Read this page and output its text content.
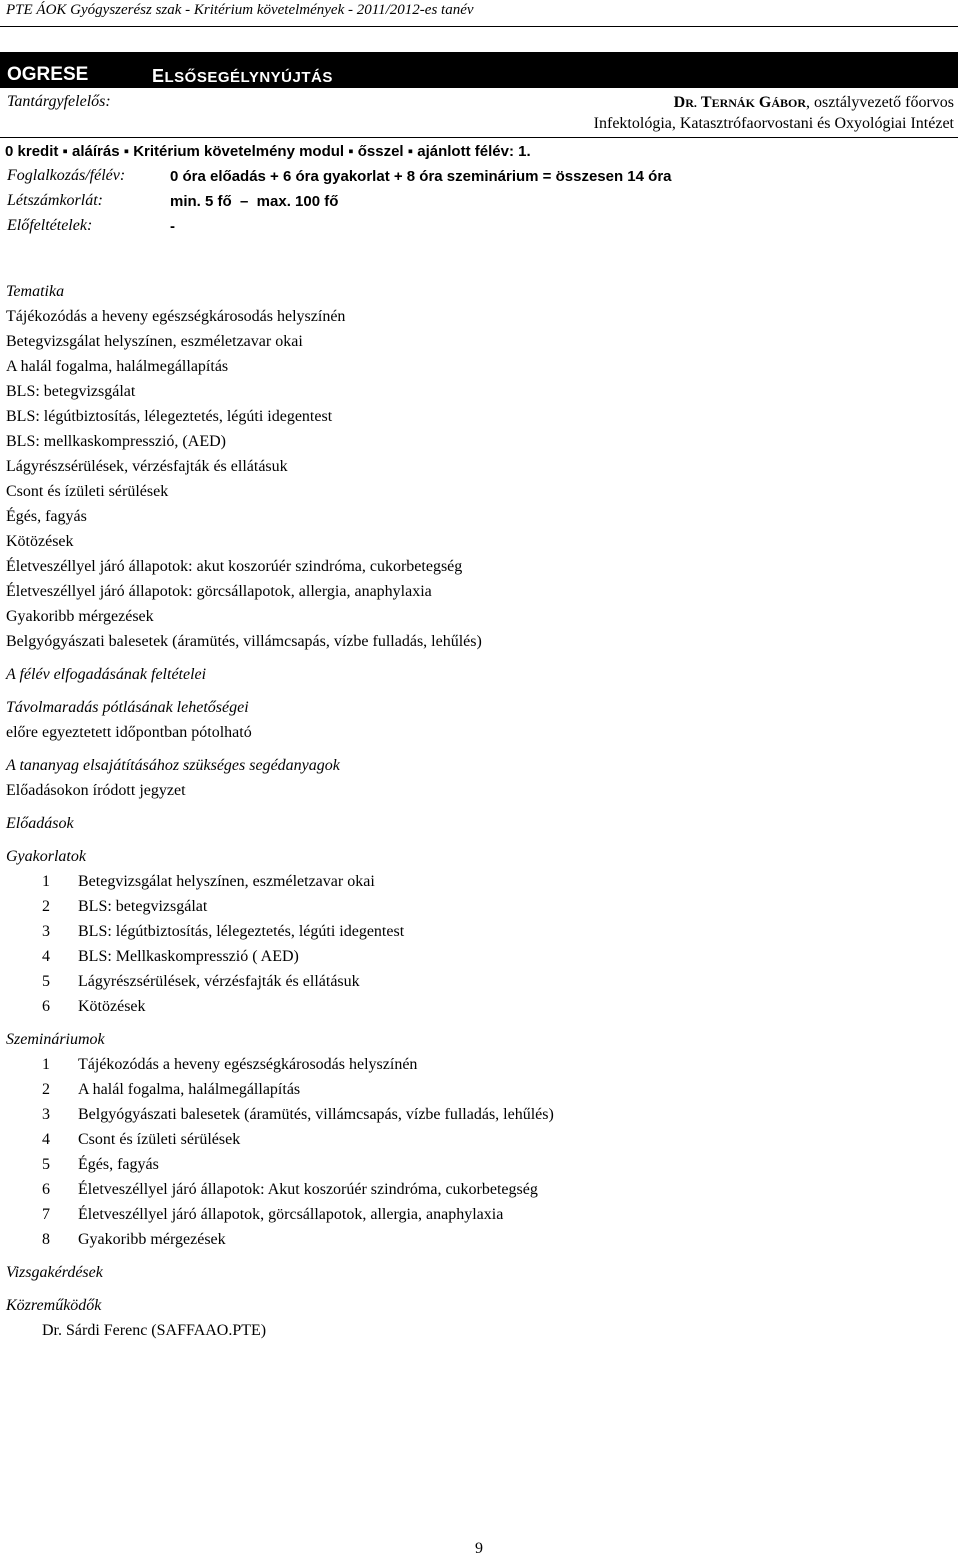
PTE ÁOK Gyógyszerész szak - Kritérium követelmények - 2011/2012-es tanév
OGRESE	ELSŐSEGÉLYNYÚJTÁS
Tantárgyfelelős:	DR. TERNÁK GÁBOR, osztályvezető főorvos
Infektológia, Katasztrófaorvostani és Oxyológiai Intézet
0 kredit ▪ aláírás ▪ Kritérium követelmény modul ▪ ősszel ▪ ajánlott félév: 1.
Foglalkozás/félév:	0 óra előadás + 6 óra gyakorlat + 8 óra szeminárium = összesen 14 óra
Létszámkorlát:	min. 5 fő  –  max. 100 fő
Előfeltételek:	-
Tematika
Tájékozódás a heveny egészségkárosodás helyszínén
Betegvizsgálat helyszínen, eszméletzavar okai
A halál fogalma, halálmegállapítás
BLS: betegvizsgálat
BLS: légútbiztosítás, lélegeztetés, légúti idegentest
BLS: mellkaskompresszió, (AED)
Lágyrészsérülések, vérzésfajták és ellátásuk
Csont és ízületi sérülések
Égés, fagyás
Kötözések
Életveszéllyel járó állapotok: akut koszorúér szindróma, cukorbetegség
Életveszéllyel járó állapotok: görcsállapotok, allergia, anaphylaxia
Gyakoribb mérgezések
Belgyógyászati balesetek (áramütés, villámcsapás, vízbe fulladás, lehűlés)
A félév elfogadásának feltételei
Távolmaradás pótlásának lehetőségei
előre egyeztetett időpontban pótolható
A tananyag elsajátításához szükséges segédanyagok
Előadásokon íródott jegyzet
Előadások
Gyakorlatok
1	Betegvizsgálat helyszínen, eszméletzavar okai
2	BLS: betegvizsgálat
3	BLS: légútbiztosítás, lélegeztetés, légúti idegentest
4	BLS: Mellkaskompresszió ( AED)
5	Lágyrészsérülések, vérzésfajták és ellátásuk
6	Kötözések
Szemináriumok
1	Tájékozódás a heveny egészségkárosodás helyszínén
2	A halál fogalma, halálmegállapítás
3	Belgyógyászati balesetek (áramütés, villámcsapás, vízbe fulladás, lehűlés)
4	Csont és ízületi sérülések
5	Égés, fagyás
6	Életveszéllyel járó állapotok: Akut koszorúér szindróma, cukorbetegség
7	Életveszéllyel járó állapotok, görcsállapotok, allergia, anaphylaxia
8	Gyakoribb mérgezések
Vizsgakérdések
Közreműködők
Dr. Sárdi Ferenc (SAFFAAO.PTE)
9
